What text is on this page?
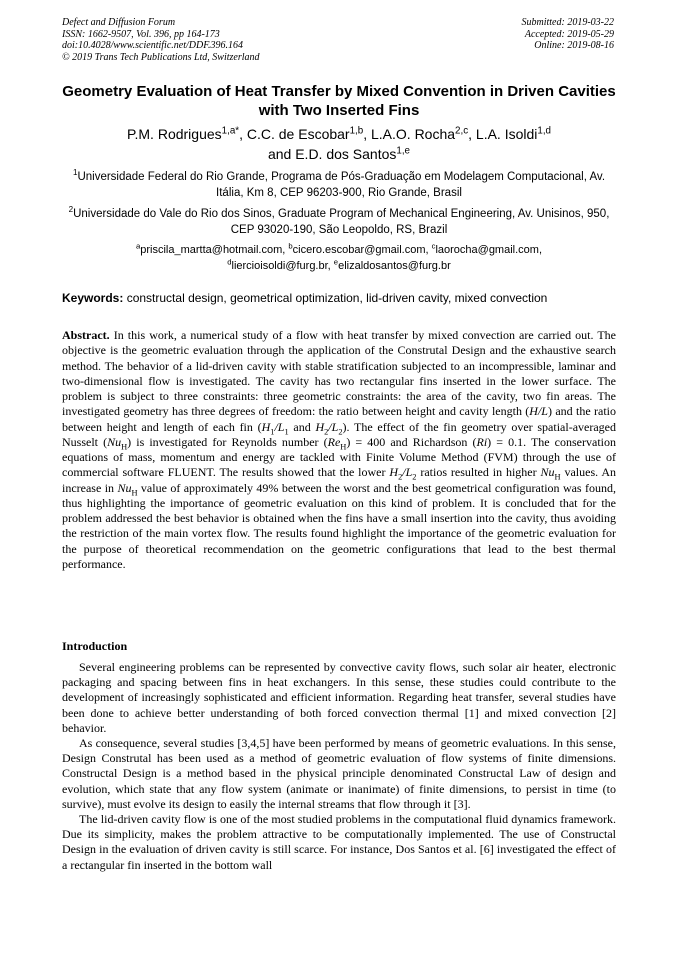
Defect and Diffusion Forum
ISSN: 1662-9507, Vol. 396, pp 164-173
doi:10.4028/www.scientific.net/DDF.396.164
© 2019 Trans Tech Publications Ltd, Switzerland
Submitted: 2019-03-22
Accepted: 2019-05-29
Online: 2019-08-16
Geometry Evaluation of Heat Transfer by Mixed Convention in Driven Cavities with Two Inserted Fins
P.M. Rodrigues$^{1,a*}$, C.C. de Escobar$^{1,b}$, L.A.O. Rocha$^{2,c}$, L.A. Isoldi$^{1,d}$
and E.D. dos Santos$^{1,e}$
$^1$Universidade Federal do Rio Grande, Programa de Pós-Graduação em Modelagem Computacional, Av. Itália, Km 8, CEP 96203-900, Rio Grande, Brasil
$^2$Universidade do Vale do Rio dos Sinos, Graduate Program of Mechanical Engineering, Av. Unisinos, 950, CEP 93020-190, São Leopoldo, RS, Brazil
$^a$priscila_martta@hotmail.com, $^b$cicero.escobar@gmail.com, $^c$laorocha@gmail.com,
$^d$liercioisoldi@furg.br, $^e$elizaldosantos@furg.br
Keywords: constructal design, geometrical optimization, lid-driven cavity, mixed convection
Abstract. In this work, a numerical study of a flow with heat transfer by mixed convection are carried out. The objective is the geometric evaluation through the application of the Construtal Design and the exhaustive search method. The behavior of a lid-driven cavity with stable stratification subjected to an incompressible, laminar and two-dimensional flow is investigated. The cavity has two rectangular fins inserted in the lower surface. The problem is subject to three constraints: three geometric constraints: the area of the cavity, two fin areas. The investigated geometry has three degrees of freedom: the ratio between height and cavity length (H/L) and the ratio between height and length of each fin ($H_1/L_1$ and $H_2/L_2$). The effect of the fin geometry over spatial-averaged Nusselt $(Nu_H)$ is investigated for Reynolds number $(Re_H) = 400$ and Richardson (Ri) = 0.1. The conservation equations of mass, momentum and energy are tackled with Finite Volume Method (FVM) through the use of commercial software FLUENT. The results showed that the lower $H_2/L_2$ ratios resulted in higher $Nu_H$ values. An increase in $Nu_H$ value of approximately 49% between the worst and the best geometrical configuration was found, thus highlighting the importance of geometric evaluation on this kind of problem. It is concluded that for the problem addressed the best behavior is obtained when the fins have a small insertion into the cavity, thus avoiding the restriction of the main vortex flow. The results found highlight the importance of the geometric evaluation for the purpose of theoretical recommendation on the geometric configurations that lead to the best thermal performance.
Introduction

Several engineering problems can be represented by convective cavity flows, such solar air heater, electronic packaging and spacing between fins in heat exchangers. In this sense, these studies could contribute to the development of increasingly sophisticated and efficient information. Regarding heat transfer, several studies have been done to achieve better understanding of both forced convection thermal [1] and mixed convection [2] behavior.

As consequence, several studies [3,4,5] have been performed by means of geometric evaluations. In this sense, Design Construtal has been used as a method of geometric evaluation of flow systems of finite dimensions. Constructal Design is a method based in the physical principle denominated Constructal Law of design and evolution, which state that any flow system (animate or inanimate) of finite dimensions, to persist in time (to survive), must evolve its design to easily the internal streams that flow through it [3].

The lid-driven cavity flow is one of the most studied problems in the computational fluid dynamics framework. Due its simplicity, makes the problem attractive to be computationally implemented. The use of Constructal Design in the evaluation of driven cavity is still scarce. For instance, Dos Santos et al. [6] investigated the effect of a rectangular fin inserted in the bottom wall
